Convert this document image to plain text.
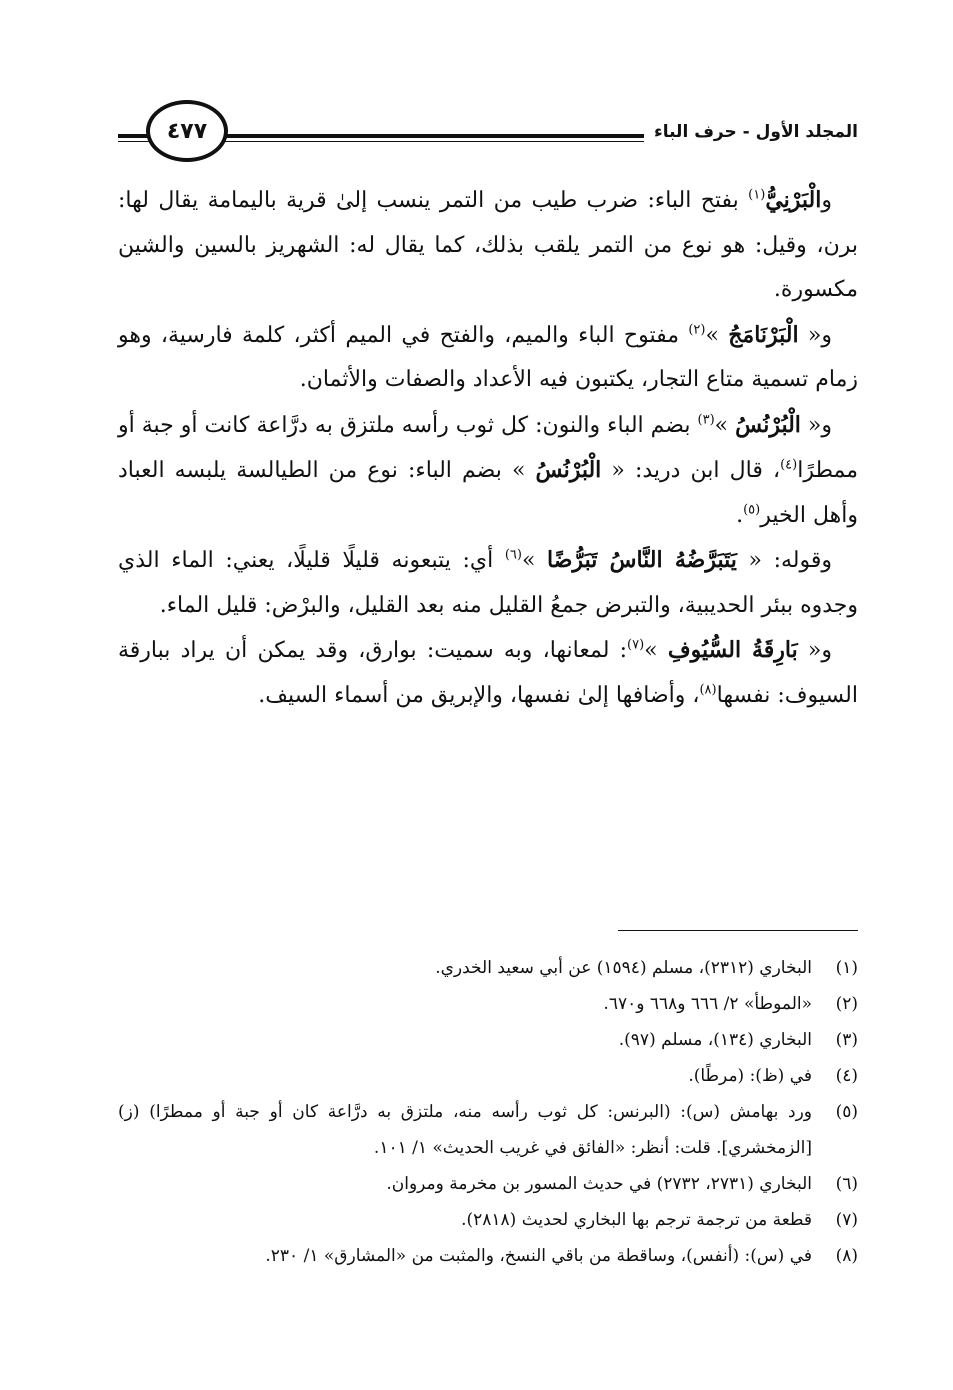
المجلد الأول - حرف الباء
٤٧٧

والْبَرْنِيُّ$^{(١)}$ بفتح الباء: ضرب طيب من التمر ينسب إلىٰ قرية باليمامة يقال لها: برن، وقيل: هو نوع من التمر يلقب بذلك، كما يقال له: الشهريز بالسين والشين مكسورة.

و« الْبَرْنَامَجُ »$^{(٢)}$ مفتوح الباء والميم، والفتح في الميم أكثر، كلمة فارسية، وهو زمام تسمية متاع التجار، يكتبون فيه الأعداد والصفات والأثمان.

و« الْبُرْنُسُ »$^{(٣)}$ بضم الباء والنون: كل ثوب رأسه ملتزق به درَّاعة كانت أو جبة أو ممطرًا$^{(٤)}$، قال ابن دريد: « الْبُرْنُسُ » بضم الباء: نوع من الطيالسة يلبسه العباد وأهل الخير$^{(٥)}$.

وقوله: « يَتَبَرَّضُهُ النَّاسُ تَبَرُّضًا »$^{(٦)}$ أي: يتبعونه قليلًا قليلًا، يعني: الماء الذي وجدوه ببئر الحديبية، والتبرض جمعُ القليل منه بعد القليل، والبرْض: قليل الماء.

و« بَارِقَةُ السُّيُوفِ »$^{(٧)}$: لمعانها، وبه سميت: بوارق، وقد يمكن أن يراد ببارقة السيوف: نفسها$^{(٨)}$، وأضافها إلىٰ نفسها، والإبريق من أسماء السيف.

(١)
البخاري (٢٣١٢)، مسلم (١٥٩٤) عن أبي سعيد الخدري.
(٢)
«الموطأ» ٢/ ٦٦٦ و٦٦٨ و٦٧٠.
(٣)
البخاري (١٣٤)، مسلم (٩٧).
(٤)
في (ظ): (مرطًا).
(٥)
ورد بهامش (س): (البرنس: كل ثوب رأسه منه، ملتزق به درَّاعة كان أو جبة أو ممطرًا) (ز) [الزمخشري]. قلت: أنظر: «الفائق في غريب الحديث» ١/ ١٠١.
(٦)
البخاري (٢٧٣١، ٢٧٣٢) في حديث المسور بن مخرمة ومروان.
(٧)
قطعة من ترجمة ترجم بها البخاري لحديث (٢٨١٨).
(٨)
في (س): (أنفس)، وساقطة من باقي النسخ، والمثبت من «المشارق» ١/ ٢٣٠.
